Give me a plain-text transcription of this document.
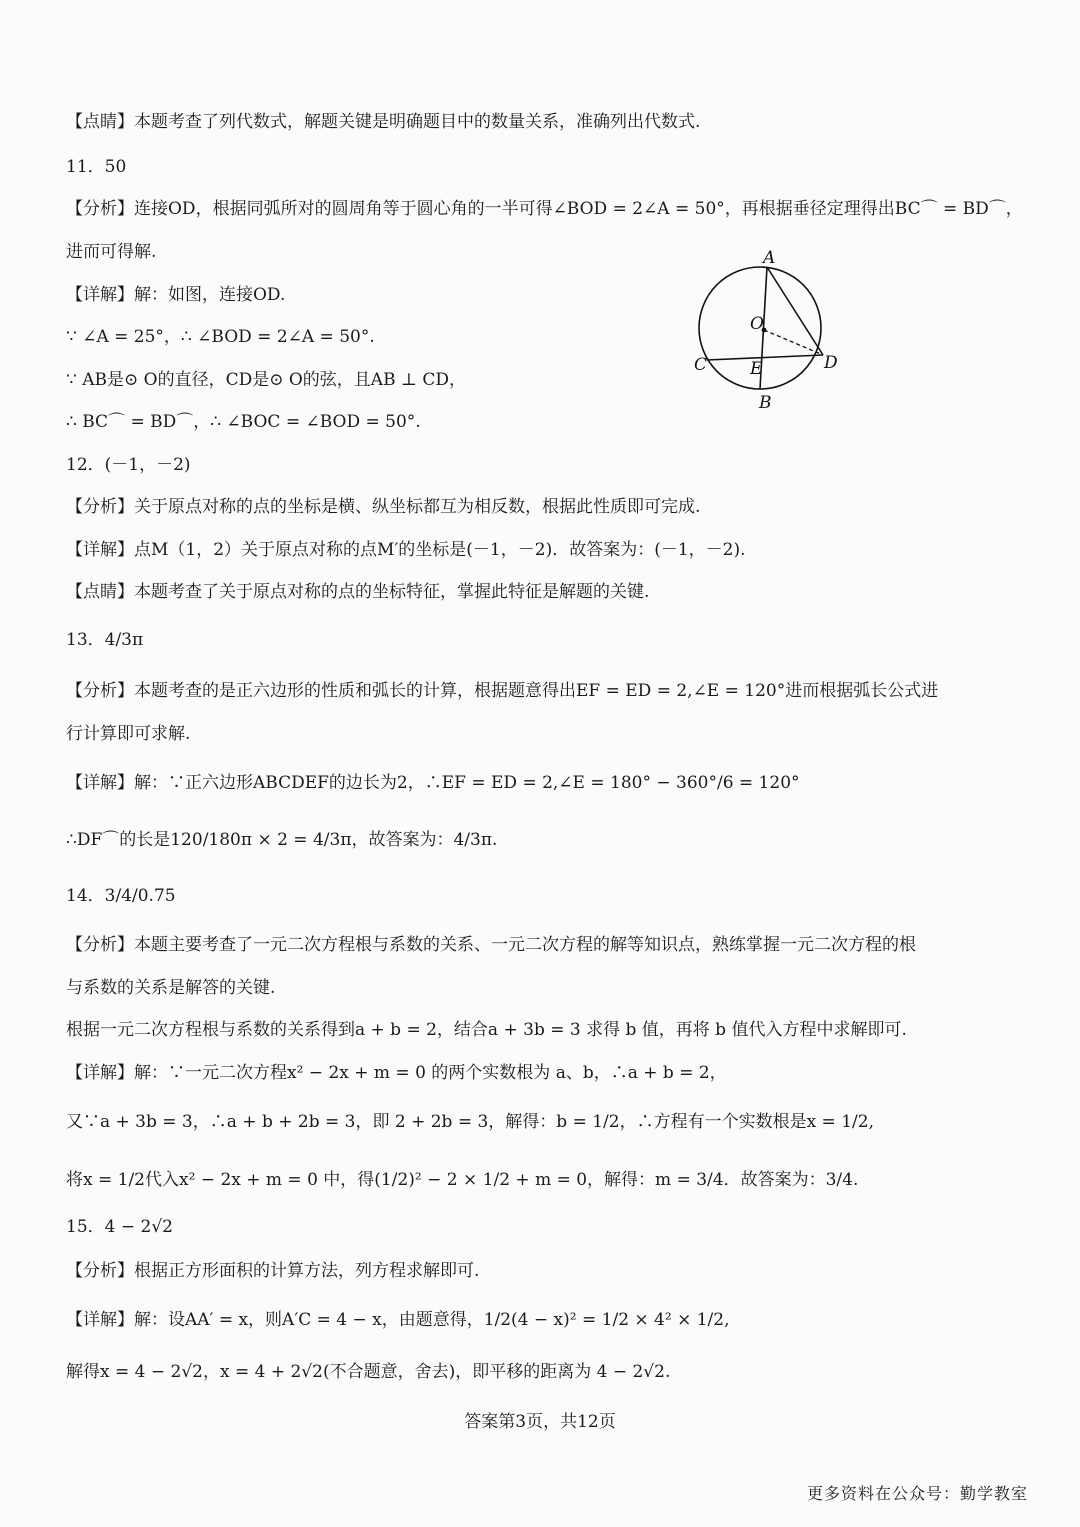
【点睛】本题考查了列代数式，解题关键是明确题目中的数量关系，准确列出代数式.

11．50

【分析】连接OD，根据同弧所对的圆周角等于圆心角的一半可得∠BOD = 2∠A = 50°，再根据垂径定理得出BC⌒ = BD⌒，

进而可得解.

【详解】解：如图，连接OD.

∵ ∠A = 25°，∴ ∠BOD = 2∠A = 50°.

∵ AB是⊙ O的直径，CD是⊙ O的弦，且AB ⊥ CD，

∴ BC⌒ = BD⌒，∴ ∠BOC = ∠BOD = 50°.

12．(－1，－2)

【分析】关于原点对称的点的坐标是横、纵坐标都互为相反数，根据此性质即可完成.

【详解】点M（1，2）关于原点对称的点M′的坐标是(－1，－2)．故答案为：(－1，－2).

【点睛】本题考查了关于原点对称的点的坐标特征，掌握此特征是解题的关键.

13．4/3π

【分析】本题考查的是正六边形的性质和弧长的计算，根据题意得出EF = ED = 2,∠E = 120°进而根据弧长公式进

行计算即可求解.

【详解】解：∵正六边形ABCDEF的边长为2，∴EF = ED = 2,∠E = 180° − 360°/6 = 120°

∴DF⌒的长是120/180π × 2 = 4/3π，故答案为：4/3π.

14．3/4/0.75

【分析】本题主要考查了一元二次方程根与系数的关系、一元二次方程的解等知识点，熟练掌握一元二次方程的根

与系数的关系是解答的关键.

根据一元二次方程根与系数的关系得到a + b = 2，结合a + 3b = 3 求得 b 值，再将 b 值代入方程中求解即可.

【详解】解：∵一元二次方程x² − 2x + m = 0 的两个实数根为 a、b，∴a + b = 2，

又∵a + 3b = 3，∴a + b + 2b = 3，即 2 + 2b = 3，解得：b = 1/2，∴方程有一个实数根是x = 1/2,

将x = 1/2代入x² − 2x + m = 0 中，得(1/2)² − 2 × 1/2 + m = 0，解得：m = 3/4．故答案为：3/4.

15．4 − 2√2

【分析】根据正方形面积的计算方法，列方程求解即可.

【详解】解：设AA′ = x，则A′C = 4 − x，由题意得，1/2(4 − x)² = 1/2 × 4² × 1/2,

解得x = 4 − 2√2，x = 4 + 2√2(不合题意，舍去)，即平移的距离为 4 − 2√2.

A
O
C	E	D
B
答案第3页，共12页
更多资料在公众号：勤学教室
